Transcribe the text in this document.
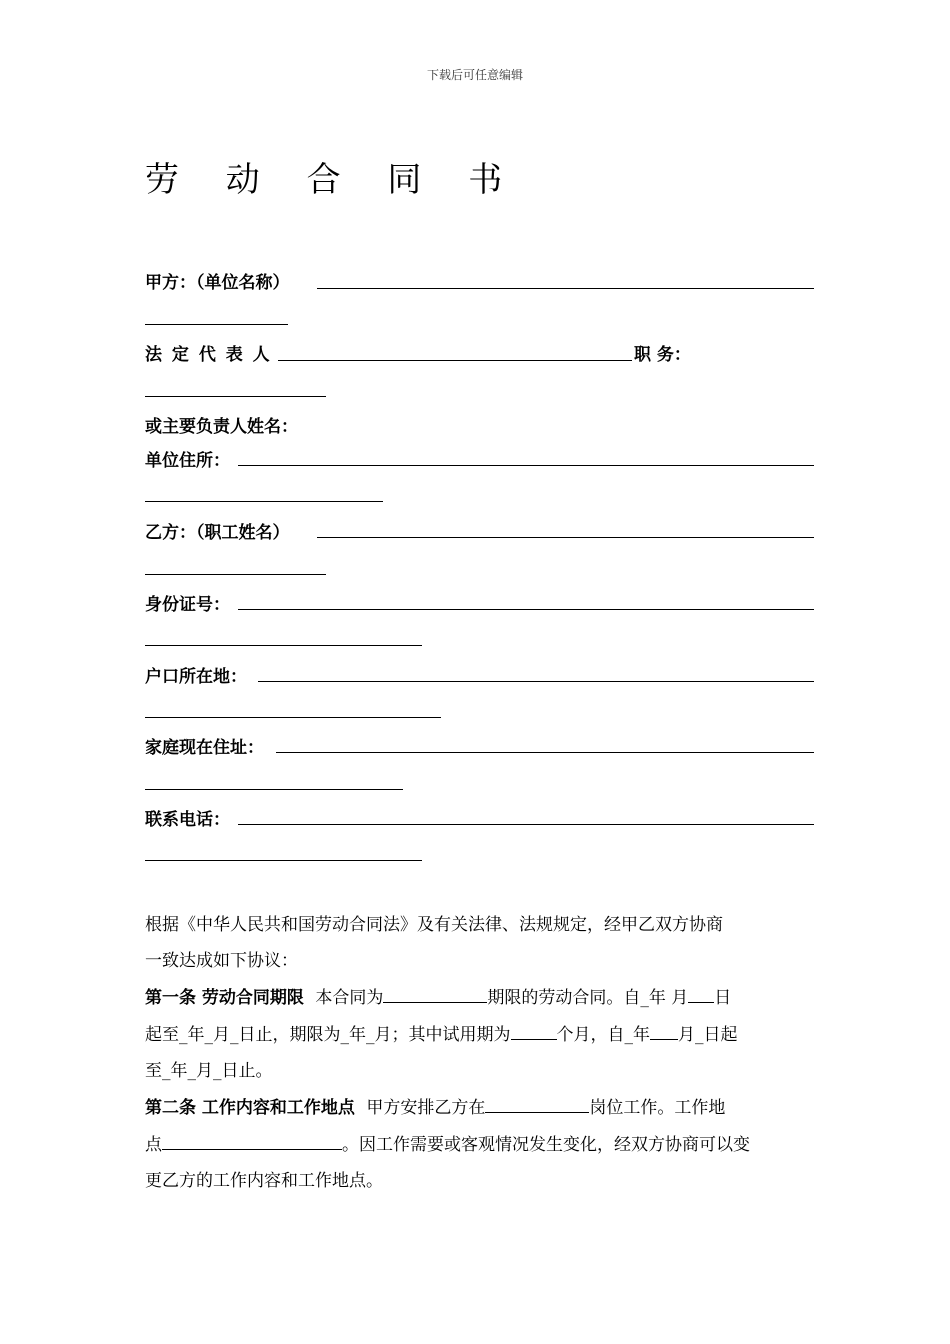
下载后可任意编辑
劳 动 合 同 书
甲方：（单位名称）
法 定 代 表 人	职 务：
或主要负责人姓名：
单位住所：
乙方：（职工姓名）
身份证号：
户口所在地：
家庭现在住址：
联系电话：
根据《中华人民共和国劳动合同法》及有关法律、法规规定，经甲乙双方协商
一致达成如下协议：
第一条 劳动合同期限 本合同为	期限的劳动合同。自_年 月 日
起至_年_月_日止，期限为_年_月；其中试用期为	个月，自_年 月_日起
至_年_月_日止。
第二条 工作内容和工作地点 甲方安排乙方在	岗位工作。工作地
点	。因工作需要或客观情况发生变化，经双方协商可以变
更乙方的工作内容和工作地点。
